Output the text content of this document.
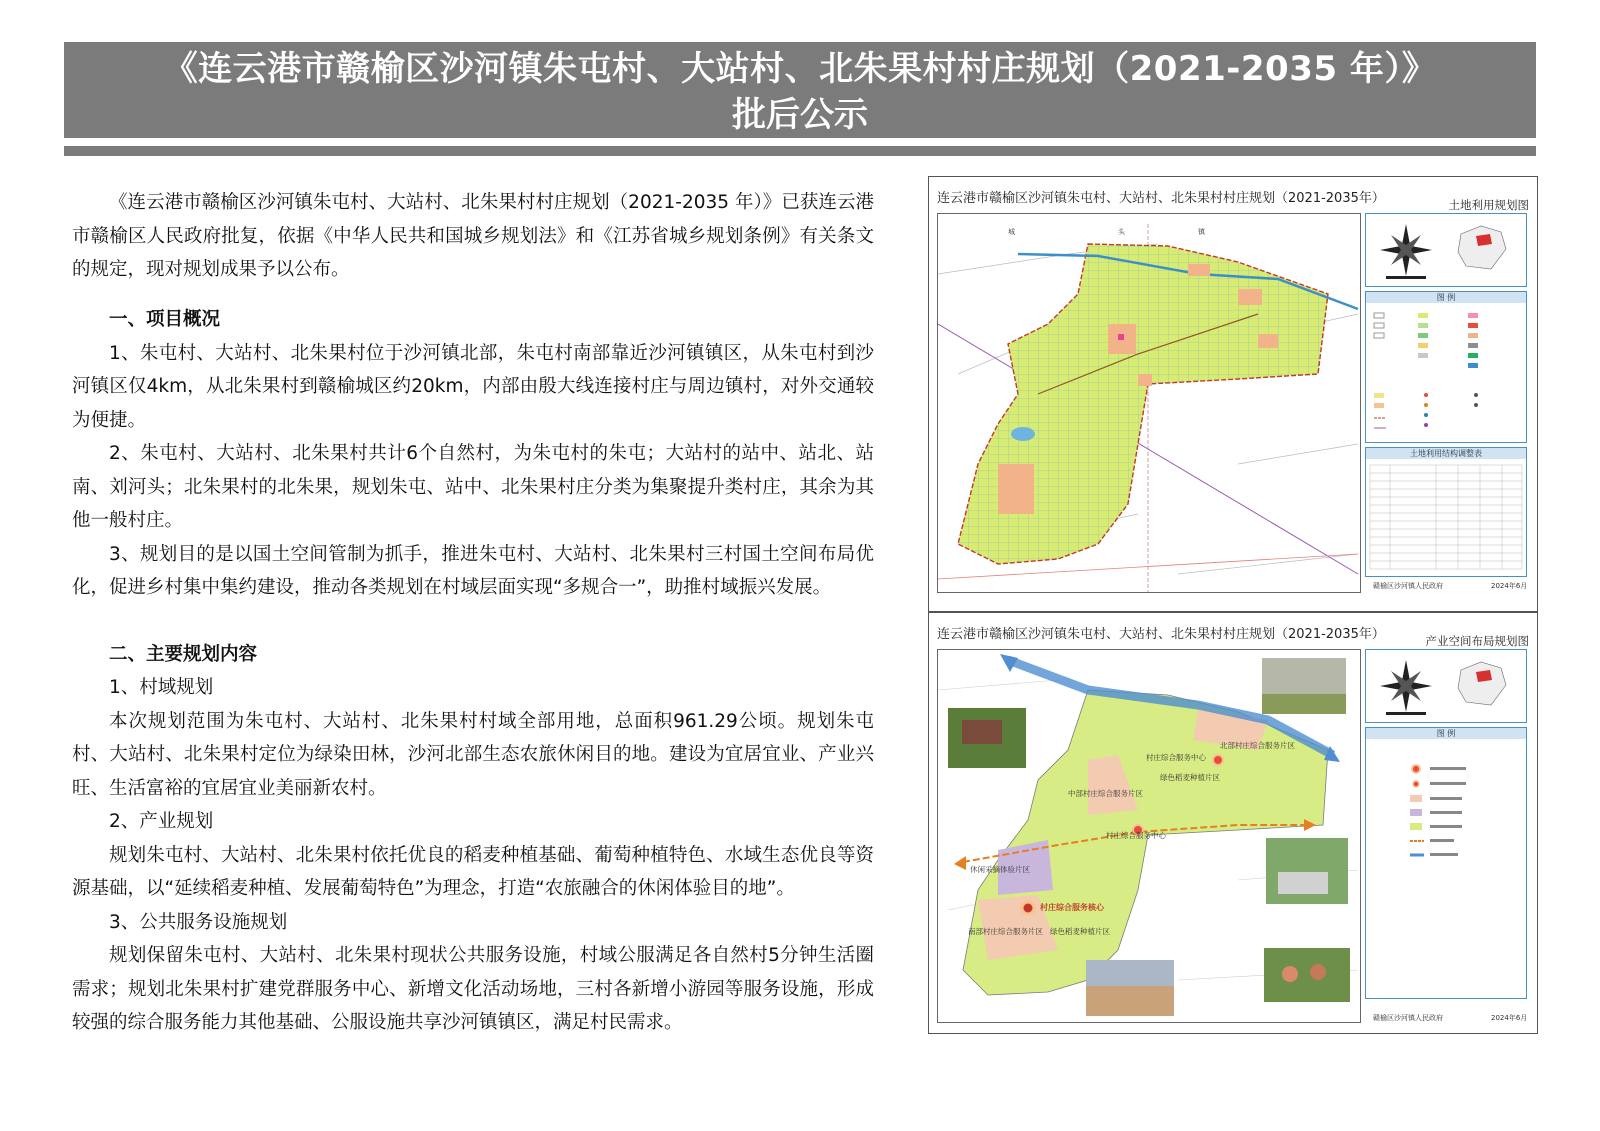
《连云港市赣榆区沙河镇朱屯村、大站村、北朱果村村庄规划（2021-2035 年）》
批后公示

《连云港市赣榆区沙河镇朱屯村、大站村、北朱果村村庄规划（2021-2035 年）》已获连云港市赣榆区人民政府批复，依据《中华人民共和国城乡规划法》和《江苏省城乡规划条例》有关条文的规定，现对规划成果予以公布。

一、项目概况

1、朱屯村、大站村、北朱果村位于沙河镇北部，朱屯村南部靠近沙河镇镇区，从朱屯村到沙河镇区仅4km，从北朱果村到赣榆城区约20km，内部由殷大线连接村庄与周边镇村，对外交通较为便捷。

2、朱屯村、大站村、北朱果村共计6个自然村，为朱屯村的朱屯；大站村的站中、站北、站南、刘河头；北朱果村的北朱果，规划朱屯、站中、北朱果村庄分类为集聚提升类村庄，其余为其他一般村庄。

3、规划目的是以国土空间管制为抓手，推进朱屯村、大站村、北朱果村三村国土空间布局优化，促进乡村集中集约建设，推动各类规划在村域层面实现“多规合一”，助推村域振兴发展。

二、主要规划内容

1、村域规划

本次规划范围为朱屯村、大站村、北朱果村村域全部用地，总面积961.29公顷。规划朱屯村、大站村、北朱果村定位为绿染田林，沙河北部生态农旅休闲目的地。建设为宜居宜业、产业兴旺、生活富裕的宜居宜业美丽新农村。

2、产业规划

规划朱屯村、大站村、北朱果村依托优良的稻麦种植基础、葡萄种植特色、水域生态优良等资源基础，以“延续稻麦种植、发展葡萄特色”为理念，打造“农旅融合的休闲体验目的地”。

3、公共服务设施规划

规划保留朱屯村、大站村、北朱果村现状公共服务设施，村域公服满足各自然村5分钟生活圈需求；规划北朱果村扩建党群服务中心、新增文化活动场地，三村各新增小游园等服务设施，形成较强的综合服务能力其他基础、公服设施共享沙河镇镇区，满足村民需求。

连云港市赣榆区沙河镇朱屯村、大站村、北朱果村村庄规划（2021-2035年）	土地利用规划图
城	头	镇
图 例
土地利用结构调整表
赣榆区沙河镇人民政府	2024年6月
连云港市赣榆区沙河镇朱屯村、大站村、北朱果村村庄规划（2021-2035年）	产业空间布局规划图
北部村庄综合服务片区
村庄综合服务中心
绿色稻麦种植片区
中部村庄综合服务片区
村庄综合服务中心
休闲采摘体验片区
村庄综合服务核心
南部村庄综合服务片区 绿色稻麦种植片区
图 例
赣榆区沙河镇人民政府	2024年6月
